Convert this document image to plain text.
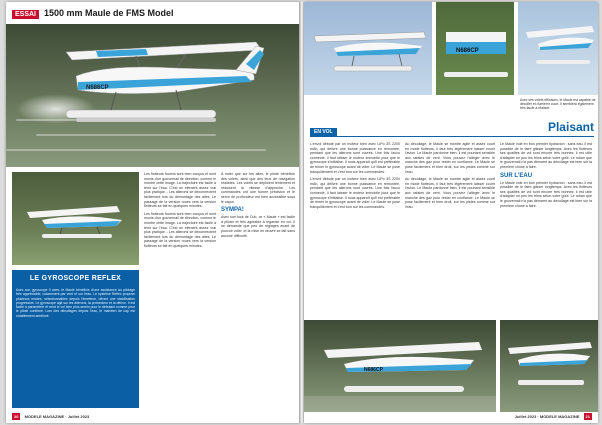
ESSAI 1500 mm Maule de FMS Model
N686CP

Les flotteurs fournis sont bien conçus et sont munis d'un gouvernail de direction, comme le montre cette image. La trajectoire est facile à tenir sur l'eau. C'est un élément assez vrai plus pratique... Les ailerons se déconnectent facilement lors du démontage des ailes. Le passage de la version roues vers la version flotteurs se fait en quelques minutes.

Les flotteurs fournis sont bien conçus et sont munis d'un gouvernail de direction, comme le montre cette image. La trajectoire est facile à tenir sur l'eau. C'est un élément assez vrai plus pratique... Les ailerons se déconnectent facilement lors du démontage des ailes. Le passage de la version roues vers la version flotteurs se fait en quelques minutes.

A noter que sur les ailes, le pilote bénéficie des volets, ainsi que des feux de navigation réalistes. Les volets se déploient lentement et réduisent la vitesse d'approche. Les commandes ont une bonne précision et le servo de profondeur est bien accessible sous le capot.

SYMPA!

Avec son look de Cub, ce « Maule » est facile à piloter et très agréable à regarder en vol. Il ne demande que peu de réglages avant de pouvoir voler, et la mise en œuvre se fait sans aucune difficulté.

LE GYROSCOPE REFLEX
Avec son gyroscope 3 axes, le Maule bénéficie d'une assistance au pilotage très appréciable, notamment par vent et sur l'eau. Le système Reflex propose plusieurs modes, sélectionnables depuis l'émetteur, offrant une stabilisation progressive. Le gyroscope agit sur les ailerons, la profondeur et la dérive. Il est facile à paramétrer et rend le vol bien plus serein pour le débutant comme pour le pilote confirmé. Lors des décollages depuis l'eau, le maintien de cap est notablement amélioré.
20 MODELE MAGAZINE · Juillet 2023
N686CP
Avec ses volets efficaces, le Maule est capable de décoller et d'amerrir court. Il semblera également très facile à réaliser.
EN VOL	Plaisant

L'envol débute par un moteur bien avec LiPo 3S 2200 mAh, qui délivre une bonne puissance en remontée, pendant que les ailerons sont ouvrés. Une fois l'accu connecté, il faut laisser le moteur immobile pour que le gyroscope s'initialise. Il nous apparaît qu'il est préférable de trimer le gyroscope avant de voler. Le Maule se pose tranquillement et c'est bon sur les commandes.

L'envol débute par un moteur bien avec LiPo 3S 2200 mAh, qui délivre une bonne puissance en remontée, pendant que les ailerons sont ouvrés. Une fois l'accu connecté, il faut laisser le moteur immobile pour que le gyroscope s'initialise. Il nous apparaît qu'il est préférable de trimer le gyroscope avant de voler. Le Maule se pose tranquillement et c'est bon sur les commandes.

Au décollage, le Maule se montre agile et assez court en mode flotteurs, il faut très légèrement laisser courir l'avion. Le Maule pardonne bien, il est pourtant sensible aux rafales de vent. Vous pouvez l'alléger avec le manche des gaz pour rester en confiance. Le Maule se pose facilement et bien droit, sur les pistes comme sur l'eau.

Au décollage, le Maule se montre agile et assez court en mode flotteurs, il faut très légèrement laisser courir l'avion. Le Maule pardonne bien, il est pourtant sensible aux rafales de vent. Vous pouvez l'alléger avec le manche des gaz pour rester en confiance. Le Maule se pose facilement et bien droit, sur les pistes comme sur l'eau.

Le Maule vole en bon premier hydravion : sans eau, il est possible de le faire glisser longtemps. Avec les flotteurs ses qualités de vol sont encore très bonnes; il est utile d'adapter un peu les trims selon votre goût. Le ruban que le gouvernail n'a pas démarré au décollage est bien sûr la première chose à faire.

SUR L'EAU

Le Maule vole en bon premier hydravion : sans eau, il est possible de le faire glisser longtemps. Avec les flotteurs ses qualités de vol sont encore très bonnes; il est utile d'adapter un peu les trims selon votre goût. Le ruban que le gouvernail n'a pas démarré au décollage est bien sûr la première chose à faire.

N686CP
Juillet 2023 · MODELE MAGAZINE 21
